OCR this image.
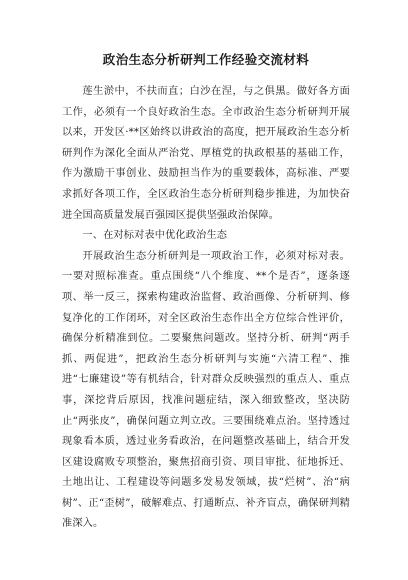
政治生态分析研判工作经验交流材料

莲生淤中，不扶而直；白沙在涅，与之俱黑。做好各方面工作，必须有一个良好政治生态。全市政治生态分析研判开展以来，开发区·**区始终以讲政治的高度，把开展政治生态分析研判作为深化全面从严治党、厚植党的执政根基的基础工作，作为激励干事创业、鼓励担当作为的重要载体，高标准、严要求抓好各项工作，全区政治生态分析研判稳步推进，为加快奋进全国高质量发展百强园区提供坚强政治保障。

一、在对标对表中优化政治生态

开展政治生态分析研判是一项政治工作，必须对标对表。一要对照标准查。重点围绕“八个维度、**个是否”，逐条逐项、举一反三，探索构建政治监督、政治画像、分析研判、修复净化的工作闭环，对全区政治生态作出全方位综合性评价，确保分析精准到位。二要聚焦问题改。坚持分析、研判“两手抓、两促进”，把政治生态分析研判与实施“六清工程”、推进“七廉建设”等有机结合，针对群众反映强烈的重点人、重点事，深挖背后原因，找准问题症结，深入细致整改，坚决防止“两张皮”，确保问题立判立改。三要围绕难点治。坚持透过现象看本质，透过业务看政治，在问题整改基础上，结合开发区建设腐败专项整治，聚焦招商引资、项目审批、征地拆迁、土地出让、工程建设等问题多发易发领域，拔“烂树”、治“病树”、正“歪树”，破解难点、打通断点、补齐盲点，确保研判精准深入。
